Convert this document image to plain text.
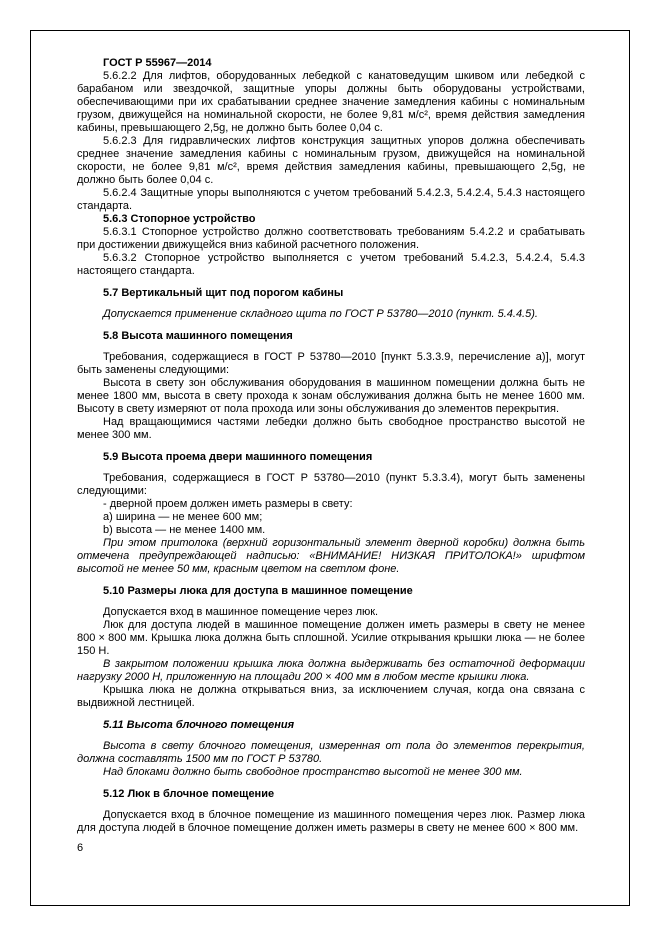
ГОСТ Р 55967—2014

5.6.2.2 Для лифтов, оборудованных лебедкой с канатоведущим шкивом или лебедкой с барабаном или звездочкой, защитные упоры должны быть оборудованы устройствами, обеспечивающими при их срабатывании среднее значение замедления кабины с номинальным грузом, движущейся на номинальной скорости, не более 9,81 м/с², время действия замедления кабины, превышающего 2,5g, не должно быть более 0,04 с.

5.6.2.3 Для гидравлических лифтов конструкция защитных упоров должна обеспечивать среднее значение замедления кабины с номинальным грузом, движущейся на номинальной скорости, не более 9,81 м/с², время действия замедления кабины, превышающего 2,5g, не должно быть более 0,04 с.

5.6.2.4 Защитные упоры выполняются с учетом требований 5.4.2.3, 5.4.2.4, 5.4.3 настоящего стандарта.

5.6.3 Стопорное устройство

5.6.3.1 Стопорное устройство должно соответствовать требованиям 5.4.2.2 и срабатывать при достижении движущейся вниз кабиной расчетного положения.

5.6.3.2 Стопорное устройство выполняется с учетом требований 5.4.2.3, 5.4.2.4, 5.4.3 настоящего стандарта.

5.7 Вертикальный щит под порогом кабины

Допускается применение складного щита по ГОСТ Р 53780—2010 (пункт. 5.4.4.5).

5.8 Высота машинного помещения

Требования, содержащиеся в ГОСТ Р 53780—2010 [пункт 5.3.3.9, перечисление а)], могут быть заменены следующими:

Высота в свету зон обслуживания оборудования в машинном помещении должна быть не менее 1800 мм, высота в свету прохода к зонам обслуживания должна быть не менее 1600 мм. Высоту в свету измеряют от пола прохода или зоны обслуживания до элементов перекрытия.

Над вращающимися частями лебедки должно быть свободное пространство высотой не менее 300 мм.

5.9 Высота проема двери машинного помещения

Требования, содержащиеся в ГОСТ Р 53780—2010 (пункт 5.3.3.4), могут быть заменены следующими:

- дверной проем должен иметь размеры в свету:

а) ширина — не менее 600 мм;

b) высота — не менее 1400 мм.

При этом притолока (верхний горизонтальный элемент дверной коробки) должна быть отмечена предупреждающей надписью: «ВНИМАНИЕ! НИЗКАЯ ПРИТОЛОКА!» шрифтом высотой не менее 50 мм, красным цветом на светлом фоне.

5.10 Размеры люка для доступа в машинное помещение

Допускается вход в машинное помещение через люк.

Люк для доступа людей в машинное помещение должен иметь размеры в свету не менее 800 × 800 мм. Крышка люка должна быть сплошной. Усилие открывания крышки люка — не более 150 Н.

В закрытом положении крышка люка должна выдерживать без остаточной деформации нагрузку 2000 Н, приложенную на площади 200 × 400 мм в любом месте крышки люка.

Крышка люка не должна открываться вниз, за исключением случая, когда она связана с выдвижной лестницей.

5.11 Высота блочного помещения

Высота в свету блочного помещения, измеренная от пола до элементов перекрытия, должна составлять 1500 мм по ГОСТ Р 53780.

Над блоками должно быть свободное пространство высотой не менее 300 мм.

5.12 Люк в блочное помещение

Допускается вход в блочное помещение из машинного помещения через люк. Размер люка для доступа людей в блочное помещение должен иметь размеры в свету не менее 600 × 800 мм.

6
